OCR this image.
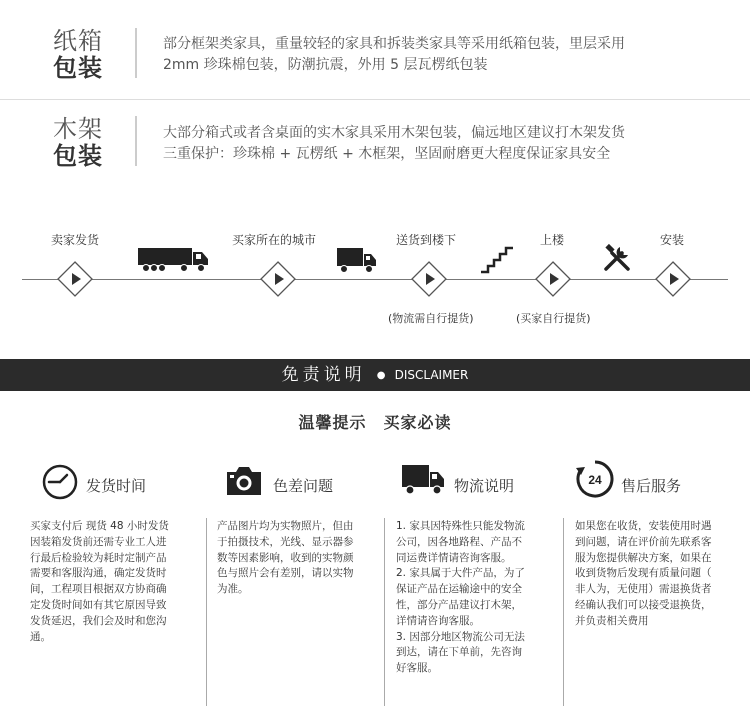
纸箱
包装
部分框架类家具，重量较轻的家具和拆装类家具等采用纸箱包装，里层采用
2mm 珍珠棉包装，防潮抗震，外用 5 层瓦楞纸包装
木架
包装
大部分箱式或者含桌面的实木家具采用木架包装，偏远地区建议打木架发货
三重保护：珍珠棉 + 瓦楞纸 + 木框架，坚固耐磨更大程度保证家具安全
卖家发货	买家所在的城市	送货到楼下	上楼	安装
(物流需自行提货)	(买家自行提货)
免责说明 ● DISCLAIMER
温馨提示　买家必读
发货时间
买家支付后 现货 48 小时发货
因装箱发货前还需专业工人进
行最后检验较为耗时定制产品
需要和客服沟通，确定发货时
间，工程项目根据双方协商确
定发货时间如有其它原因导致
发货延迟，我们会及时和您沟
通。
色差问题
产品图片均为实物照片，但由
于拍摄技术，光线、显示器参
数等因素影响，收到的实物颜
色与照片会有差别，请以实物
为准。
物流说明
1. 家具因特殊性只能发物流
公司，因各地路程、产品不
同运费详情请咨询客服。
2. 家具属于大件产品，为了
保证产品在运输途中的安全
性，部分产品建议打木架，
详情请咨询客服。
3. 因部分地区物流公司无法
到达，请在下单前，先咨询
好客服。
24 售后服务
如果您在收货，安装使用时遇
到问题，请在评价前先联系客
服为您提供解决方案，如果在
收到货物后发现有质量问题（
非人为，无使用）需退换货者
经确认我们可以接受退换货，
并负责相关费用
